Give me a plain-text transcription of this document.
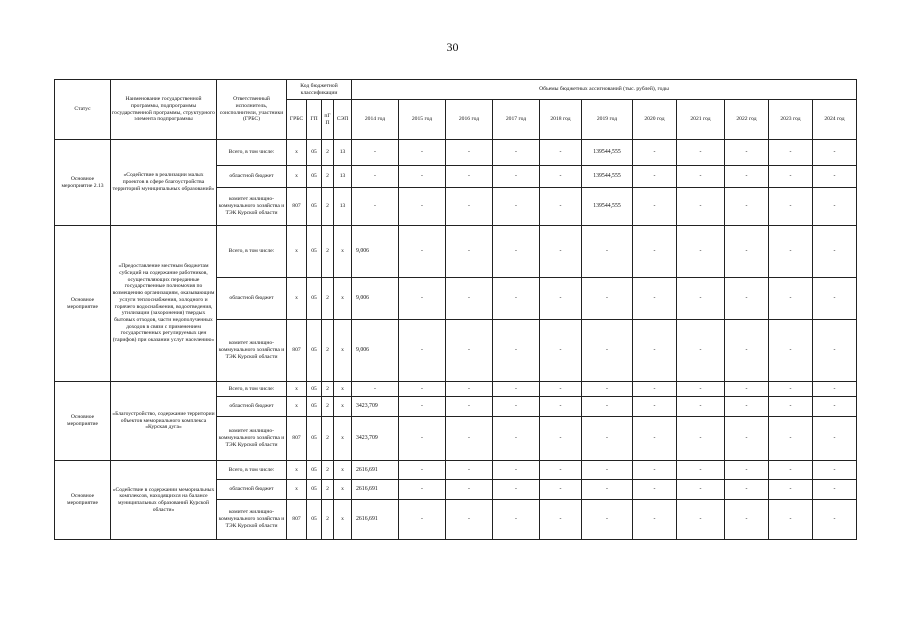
30
Статус	Наименование государственной программы, подпрограммы государственной программы, структурного элемента подпрограммы	Ответственный исполнитель, соисполнители, участники (ГРБС)	Код бюджетной классификации				Объемы бюджетных ассигнований (тыс. рублей), годы										
			ГРБС	ГП	пГ П	СЭП	2014 год	2015 год	2016 год	2017 год	2018 год	2019 год	2020 год	2021 год	2022 год	2023 год	2024 год
Основное мероприятие 2.13	«Содействие в реализации малых проектов в сфере благоустройства территорий муниципальных образований»	Всего, в том числе:	x	05	2	13	-	-	-	-	-	139544,555	-	-	-	-	-
		областной бюджет	x	05	2	13	-	-	-	-	-	139544,555	-	-	-	-	-
		комитет жилищно-коммунального хозяйства и ТЭК Курской области	807	05	2	13	-	-	-	-	-	139544,555	-	-	-	-	-
Основное мероприятие	«Предоставление местным бюджетам субсидий на содержание работников, осуществляющих переданные государственные полномочия по возмещению организациям, оказывающим услуги теплоснабжения, холодного и горячего водоснабжения, водоотведения, утилизации (захоронения) твердых бытовых отходов, части недополученных доходов в связи с применением государственных регулируемых цен (тарифов) при оказании услуг населению»	Всего, в том числе:	x	05	2	x	9,006	-	-	-	-	-	-	-	-	-	-
		областной бюджет	x	05	2	x	9,006	-	-	-	-	-	-	-	-	-	-
		комитет жилищно-коммунального хозяйства и ТЭК Курской области	807	05	2	x	9,006	-	-	-	-	-	-	-	-	-	-
Основное мероприятие	«Благоустройство, содержание территории объектов мемориального комплекса «Курская дуга»	Всего, в том числе:	x	05	2	x	-	-	-	-	-	-	-	-	-	-	-
		областной бюджет	x	05	2	x	3423,709	-	-	-	-	-	-	-	-	-	-
		комитет жилищно-коммунального хозяйства и ТЭК Курской области	807	05	2	x	3423,709	-	-	-	-	-	-	-	-	-	-
Основное мероприятие	«Содействие в содержании мемориальных комплексов, находящихся на балансе муниципальных образований Курской области»	Всего, в том числе:	x	05	2	x	2616,691	-	-	-	-	-	-	-	-	-	-
		областной бюджет	x	05	2	x	2616,691	-	-	-	-	-	-	-	-	-	-
		комитет жилищно-коммунального хозяйства и ТЭК Курской области	807	05	2	x	2616,691	-	-	-	-	-	-	-	-	-	-
